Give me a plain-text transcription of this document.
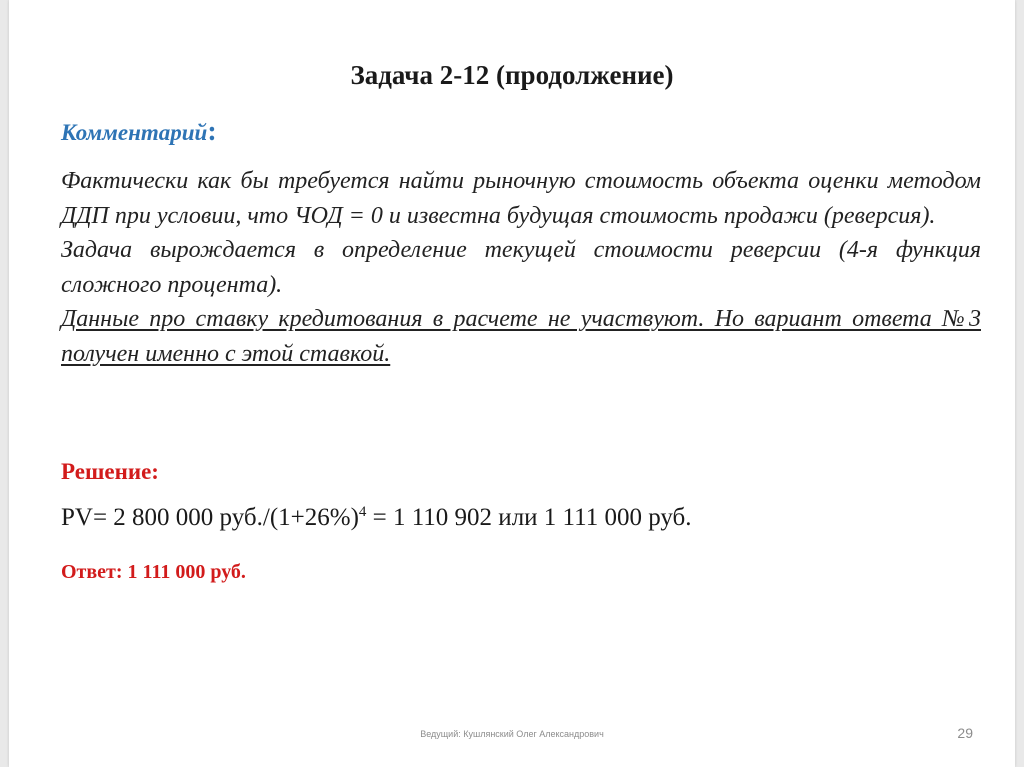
Задача 2-12 (продолжение)
Комментарий:

Фактически как бы требуется найти рыночную стоимость объекта оценки методом ДДП при условии, что ЧОД = 0 и известна будущая стоимость продажи (реверсия).

Задача вырождается в определение текущей стоимости реверсии (4-я функция сложного процента).

Данные про ставку кредитования в расчете не участвуют. Но вариант ответа №3 получен именно с этой ставкой.

Решение:
PV= 2 800 000 $руб./(1+26\%)^4 = 1$ 110 902 или 1 111 000 руб.
Ответ: 1 111 000 руб.
Ведущий: Кушлянский Олег Александрович	29
